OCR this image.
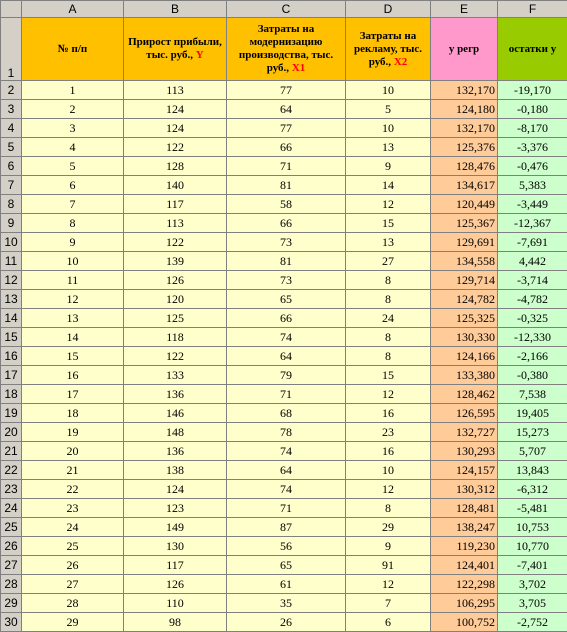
	A	B	C	D	E	F
1	№ п/п	Прирост прибыли, тыс. руб., Y	Затраты на модернизацию производства, тыс. руб., X1	Затраты на рекламу, тыс. руб., X2	y регр	остатки y
2	1	113	77	10	132,170	-19,170
3	2	124	64	5	124,180	-0,180
4	3	124	77	10	132,170	-8,170
5	4	122	66	13	125,376	-3,376
6	5	128	71	9	128,476	-0,476
7	6	140	81	14	134,617	5,383
8	7	117	58	12	120,449	-3,449
9	8	113	66	15	125,367	-12,367
10	9	122	73	13	129,691	-7,691
11	10	139	81	27	134,558	4,442
12	11	126	73	8	129,714	-3,714
13	12	120	65	8	124,782	-4,782
14	13	125	66	24	125,325	-0,325
15	14	118	74	8	130,330	-12,330
16	15	122	64	8	124,166	-2,166
17	16	133	79	15	133,380	-0,380
18	17	136	71	12	128,462	7,538
19	18	146	68	16	126,595	19,405
20	19	148	78	23	132,727	15,273
21	20	136	74	16	130,293	5,707
22	21	138	64	10	124,157	13,843
23	22	124	74	12	130,312	-6,312
24	23	123	71	8	128,481	-5,481
25	24	149	87	29	138,247	10,753
26	25	130	56	9	119,230	10,770
27	26	117	65	91	124,401	-7,401
28	27	126	61	12	122,298	3,702
29	28	110	35	7	106,295	3,705
30	29	98	26	6	100,752	-2,752
